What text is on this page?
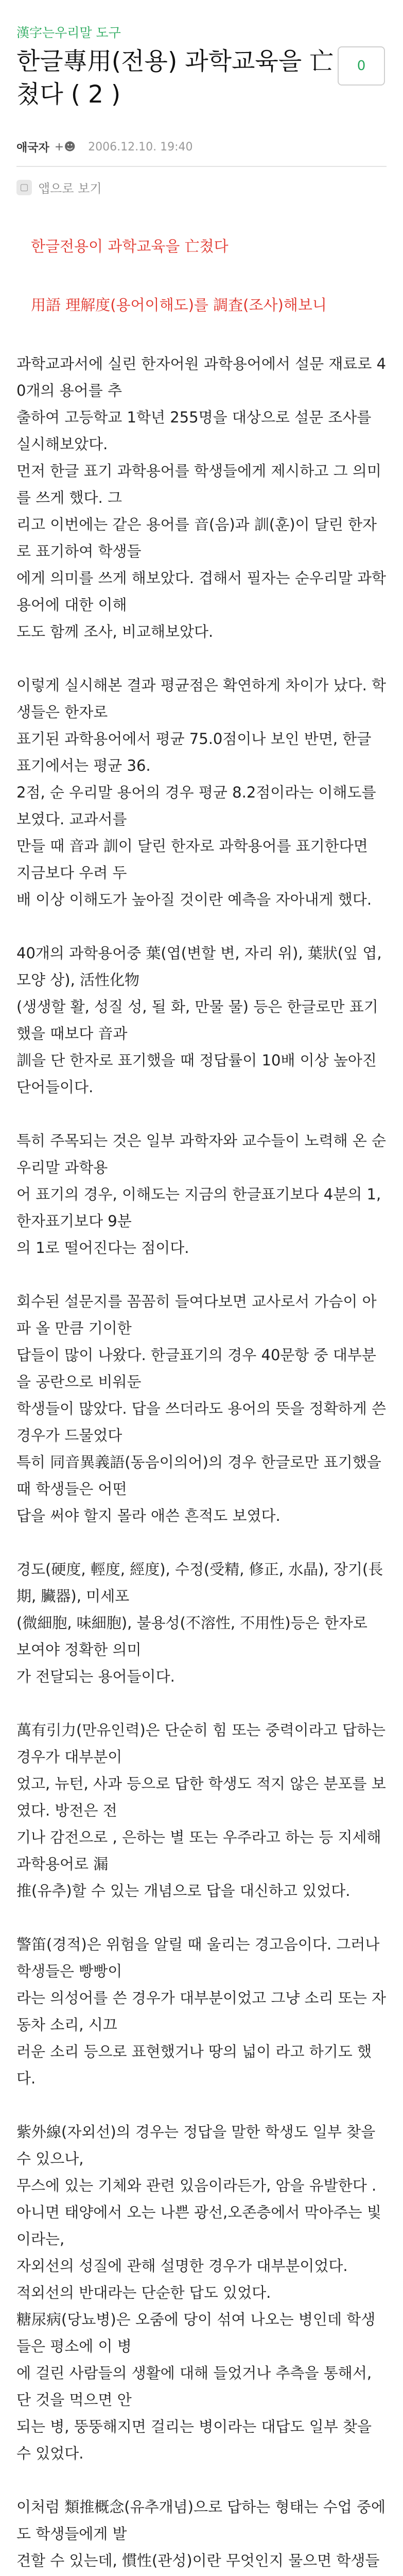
漢字는우리말 도구
한글專用(전용) 과학교육을 亡쳤다 ( 2 )
0
애국자 +☻ 2006.12.10. 19:40
▢ 앱으로 보기
한글전용이 과학교육을 亡쳤다
用語 理解度(용어이해도)를 調査(조사)해보니

과학교과서에 실린 한자어원 과학용어에서 설문 재료로 40개의 용어를 추
출하여 고등학교 1학년 255명을 대상으로 설문 조사를 실시해보았다.
먼저 한글 표기 과학용어를 학생들에게 제시하고 그 의미를 쓰게 했다. 그
리고 이번에는 같은 용어를 音(음)과 訓(훈)이 달린 한자로 표기하여 학생들
에게 의미를 쓰게 해보았다. 겹해서 필자는 순우리말 과학용어에 대한 이해
도도 함께 조사, 비교해보았다.

이렇게 실시해본 결과 평균점은 확연하게 차이가 났다. 학생들은 한자로
표기된 과학용어에서 평균 75.0점이나 보인 반면, 한글 표기에서는 평균 36.
2점, 순 우리말 용어의 경우 평균 8.2점이라는 이해도를 보였다. 교과서를
만들 때 音과 訓이 달린 한자로 과학용어를 표기한다면 지금보다 우려 두
배 이상 이해도가 높아질 것이란 예측을 자아내게 했다.

40개의 과학용어중 葉(엽(변할 변, 자리 위), 葉狀(잎 엽, 모양 상), 活性化物
(생생할 활, 성질 성, 될 화, 만물 물) 등은 한글로만 표기했을 때보다 音과
訓을 단 한자로 표기했을 때 정답률이 10배 이상 높아진 단어들이다.

특히 주목되는 것은 일부 과학자와 교수들이 노력해 온 순 우리말 과학용
어 표기의 경우, 이해도는 지금의 한글표기보다 4분의 1, 한자표기보다 9분
의 1로 떨어진다는 점이다.

회수된 설문지를 꼼꼼히 들여다보면 교사로서 가슴이 아파 올 만큼 기이한
답들이 많이 나왔다. 한글표기의 경우 40문항 중 대부분을 공란으로 비워둔
학생들이 많았다. 답을 쓰더라도 용어의 뜻을 정확하게 쓴 경우가 드물었다
특히 同音異義語(동음이의어)의 경우 한글로만 표기했을 때 학생들은 어떤
답을 써야 할지 몰라 애쓴 흔적도 보였다.

경도(硬度, 輕度, 經度), 수정(受精, 修正, 水晶), 장기(長期, 臟器), 미세포
(微細胞, 味細胞), 불용성(不溶性, 不用性)등은 한자로 보여야 정확한 의미
가 전달되는 용어들이다.

萬有引力(만유인력)은 단순히 힘 또는 중력이라고 답하는 경우가 대부분이
었고, 뉴턴, 사과 등으로 답한 학생도 적지 않은 분포를 보였다. 방전은 전
기나 감전으로 , 은하는 별 또는 우주라고 하는 등 지세해 과학용어로 漏
推(유추)할 수 있는 개념으로 답을 대신하고 있었다.

警笛(경적)은 위험을 알릴 때 울리는 경고음이다. 그러나 학생들은 빵빵이
라는 의성어를 쓴 경우가 대부분이었고 그냥 소리 또는 자동차 소리, 시끄
러운 소리 등으로 표현했거나 땅의 넓이 라고 하기도 했다.

紫外線(자외선)의 경우는 정답을 말한 학생도 일부 찾을 수 있으나,
무스에 있는 기체와 관련 있음이라든가, 암을 유발한다 .
아니면 태양에서 오는 나쁜 광선,오존층에서 막아주는 빛이라는,
자외선의 성질에 관해 설명한 경우가 대부분이었다.
적외선의 반대라는 단순한 답도 있었다.
糖尿病(당뇨병)은 오줌에 당이 섞여 나오는 병인데 학생들은 평소에 이 병
에 걸린 사람들의 생활에 대해 들었거나 추측을 통해서, 단 것을 먹으면 안
되는 병, 뚱뚱해지면 걸리는 병이라는 대답도 일부 찾을 수 있었다.

이처럼 類推概念(유추개념)으로 답하는 형태는 수업 중에도 학생들에게 발
견할 수 있는데, 慣性(관성)이란 무엇인지 물으면 학생들
